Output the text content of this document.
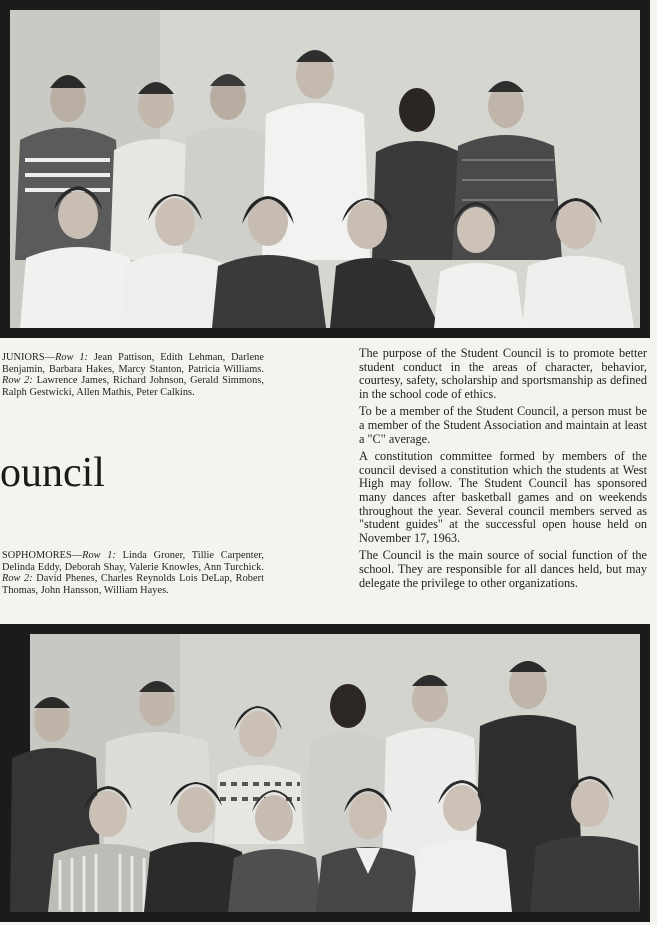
JUNIORS—Row 1: Jean Pattison, Edith Lehman, Darlene Benjamin, Barbara Hakes, Marcy Stanton, Patricia Williams. Row 2: Lawrence James, Richard Johnson, Gerald Simmons, Ralph Gestwicki, Allen Mathis, Peter Calkins.
ouncil
SOPHOMORES—Row 1: Linda Groner, Tillie Carpenter, Delinda Eddy, Deborah Shay, Valerie Knowles, Ann Turchick. Row 2: David Phenes, Charles Reynolds Lois DeLap, Robert Thomas, John Hansson, William Hayes.

The purpose of the Student Council is to promote better student conduct in the areas of character, behavior, courtesy, safety, scholarship and sportsmanship as defined in the school code of ethics.

To be a member of the Student Council, a person must be a member of the Student Association and maintain at least a "C" average.

A constitution committee formed by members of the council devised a constitution which the students at West High may follow. The Student Council has sponsored many dances after basketball games and on weekends throughout the year. Several council members served as "student guides" at the successful open house held on November 17, 1963.

The Council is the main source of social function of the school. They are responsible for all dances held, but may delegate the privilege to other organizations.
